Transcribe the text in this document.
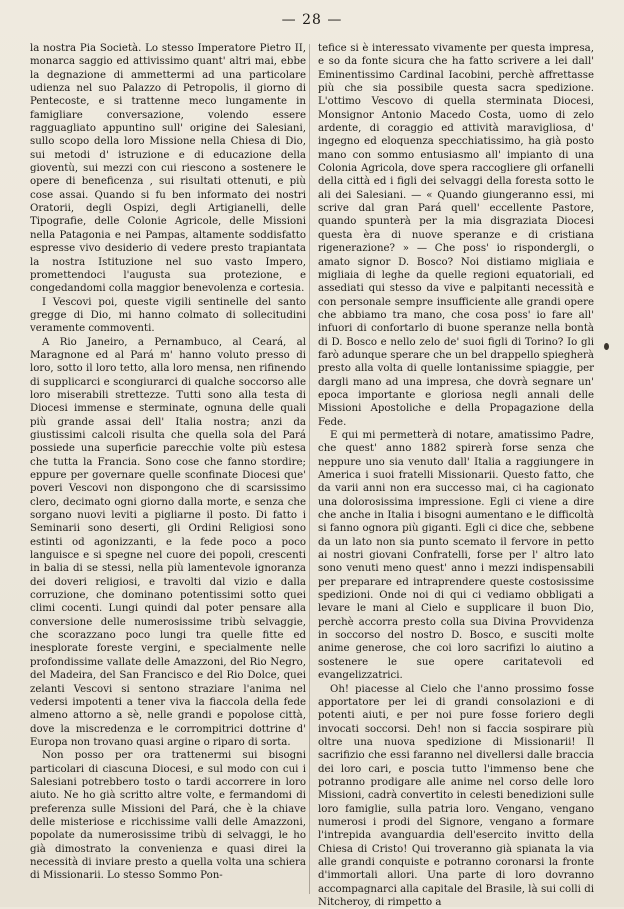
— 28 —

la nostra Pia Società. Lo stesso Imperatore Pietro II, monarca saggio ed attivissimo quant' altri mai, ebbe la degnazione di ammettermi ad una particolare udienza nel suo Palazzo di Petropolis, il giorno di Pentecoste, e si trattenne meco lungamente in famigliare conversazione, volendo essere ragguagliato appuntino sull' origine dei Salesiani, sullo scopo della loro Missione nella Chiesa di Dio, sui metodi d' istruzione e di educazione della gioventù, sui mezzi con cui riescono a sostenere le opere di beneficenza , sui risultati ottenuti, e più cose assai. Quando si fu ben informato dei nostri Oratorii, degli Ospizi, degli Artigianelli, delle Tipografie, delle Colonie Agricole, delle Missioni nella Patagonia e nei Pampas, altamente soddisfatto espresse vivo desiderio di vedere presto trapiantata la nostra Istituzione nel suo vasto Impero, promettendoci l'augusta sua protezione, e congedandomi colla maggior benevolenza e cortesia.

I Vescovi poi, queste vigili sentinelle del santo gregge di Dio, mi hanno colmato di sollecitudini veramente commoventi.

A Rio Janeiro, a Pernambuco, al Ceará, al Maragnone ed al Pará m' hanno voluto presso di loro, sotto il loro tetto, alla loro mensa, nen rifinendo di supplicarci e scongiurarci di qualche soccorso alle loro miserabili strettezze. Tutti sono alla testa di Diocesi immense e sterminate, ognuna delle quali più grande assai dell' Italia nostra; anzi da giustissimi calcoli risulta che quella sola del Pará possiede una superficie parecchie volte più estesa che tutta la Francia. Sono cose che fanno stordire; eppure per governare quelle sconfinate Diocesi que' poveri Vescovi non dispongono che di scarsissimo clero, decimato ogni giorno dalla morte, e senza che sorgano nuovi leviti a pigliarne il posto. Di fatto i Seminarii sono deserti, gli Ordini Religiosi sono estinti od agonizzanti, e la fede poco a poco languisce e si spegne nel cuore dei popoli, crescenti in balia di se stessi, nella più lamentevole ignoranza dei doveri religiosi, e travolti dal vizio e dalla corruzione, che dominano potentissimi sotto quei climi cocenti. Lungi quindi dal poter pensare alla conversione delle numerosissime tribù selvaggie, che scorazzano poco lungi tra quelle fitte ed inesplorate foreste vergini, e specialmente nelle profondissime vallate delle Amazzoni, del Rio Negro, del Madeira, del San Francisco e del Rio Dolce, quei zelanti Vescovi si sentono straziare l'anima nel vedersi impotenti a tener viva la fiaccola della fede almeno attorno a sè, nelle grandi e popolose città, dove la miscredenza e le corrompitrici dottrine d' Europa non trovano quasi argine o riparo di sorta.

Non posso per ora trattenermi sui bisogni particolari di ciascuna Diocesi, e sul modo con cui i Salesiani potrebbero tosto o tardi accorrere in loro aiuto. Ne ho già scritto altre volte, e fermandomi di preferenza sulle Missioni del Pará, che è la chiave delle misteriose e ricchissime valli delle Amazzoni, popolate da numerosissime tribù di selvaggi, le ho già dimostrato la convenienza e quasi direi la necessità di inviare presto a quella volta una schiera di Missionarii. Lo stesso Sommo Pon-

tefice si è interessato vivamente per questa impresa, e so da fonte sicura che ha fatto scrivere a lei dall' Eminentissimo Cardinal Iacobini, perchè affrettasse più che sia possibile questa sacra spedizione. L'ottimo Vescovo di quella sterminata Diocesi, Monsignor Antonio Macedo Costa, uomo di zelo ardente, di coraggio ed attività maravigliosa, d' ingegno ed eloquenza specchiatissimo, ha già posto mano con sommo entusiasmo all' impianto di una Colonia Agricola, dove spera raccogliere gli orfanelli della città ed i figli dei selvaggi della foresta sotto le ali dei Salesiani. — « Quando giungeranno essi, mi scrive dal gran Pará quell' eccellente Pastore, quando spunterà per la mia disgraziata Diocesi questa èra di nuove speranze e di cristiana rigenerazione? » — Che poss' io rispondergli, o amato signor D. Bosco? Noi distiamo migliaia e migliaia di leghe da quelle regioni equatoriali, ed assediati qui stesso da vive e palpitanti necessità e con personale sempre insufficiente alle grandi opere che abbiamo tra mano, che cosa poss' io fare all' infuori di confortarlo di buone speranze nella bontà di D. Bosco e nello zelo de' suoi figli di Torino? Io gli farò adunque sperare che un bel drappello spiegherà presto alla volta di quelle lontanissime spiaggie, per dargli mano ad una impresa, che dovrà segnare un' epoca importante e gloriosa negli annali delle Missioni Apostoliche e della Propagazione della Fede.

E qui mi permetterà di notare, amatissimo Padre, che quest' anno 1882 spirerà forse senza che neppure uno sia venuto dall' Italia a raggiungere in America i suoi fratelli Missionarii. Questo fatto, che da varii anni non era successo mai, ci ha cagionato una dolorosissima impressione. Egli ci viene a dire che anche in Italia i bisogni aumentano e le difficoltà si fanno ognora più giganti. Egli ci dice che, sebbene da un lato non sia punto scemato il fervore in petto ai nostri giovani Confratelli, forse per l' altro lato sono venuti meno quest' anno i mezzi indispensabili per preparare ed intraprendere queste costosissime spedizioni. Onde noi di qui ci vediamo obbligati a levare le mani al Cielo e supplicare il buon Dio, perchè accorra presto colla sua Divina Provvidenza in soccorso del nostro D. Bosco, e susciti molte anime generose, che coi loro sacrifizi lo aiutino a sostenere le sue opere caritatevoli ed evangelizzatrici.

Oh! piacesse al Cielo che l'anno prossimo fosse apportatore per lei di grandi consolazioni e di potenti aiuti, e per noi pure fosse foriero degli invocati soccorsi. Deh! non si faccia sospirare più oltre una nuova spedizione di Missionarii! Il sacrifizio che essi faranno nel divellersi dalle braccia dei loro cari, e poscia tutto l'immenso bene che potranno prodigare alle anime nel corso delle loro Missioni, cadrà convertito in celesti benedizioni sulle loro famiglie, sulla patria loro. Vengano, vengano numerosi i prodi del Signore, vengano a formare l'intrepida avanguardia dell'esercito invitto della Chiesa di Cristo! Qui troveranno già spianata la via alle grandi conquiste e potranno coronarsi la fronte d'immortali allori. Una parte di loro dovranno accompagnarci alla capitale del Brasile, là sui colli di Nitcheroy, di rimpetto a
